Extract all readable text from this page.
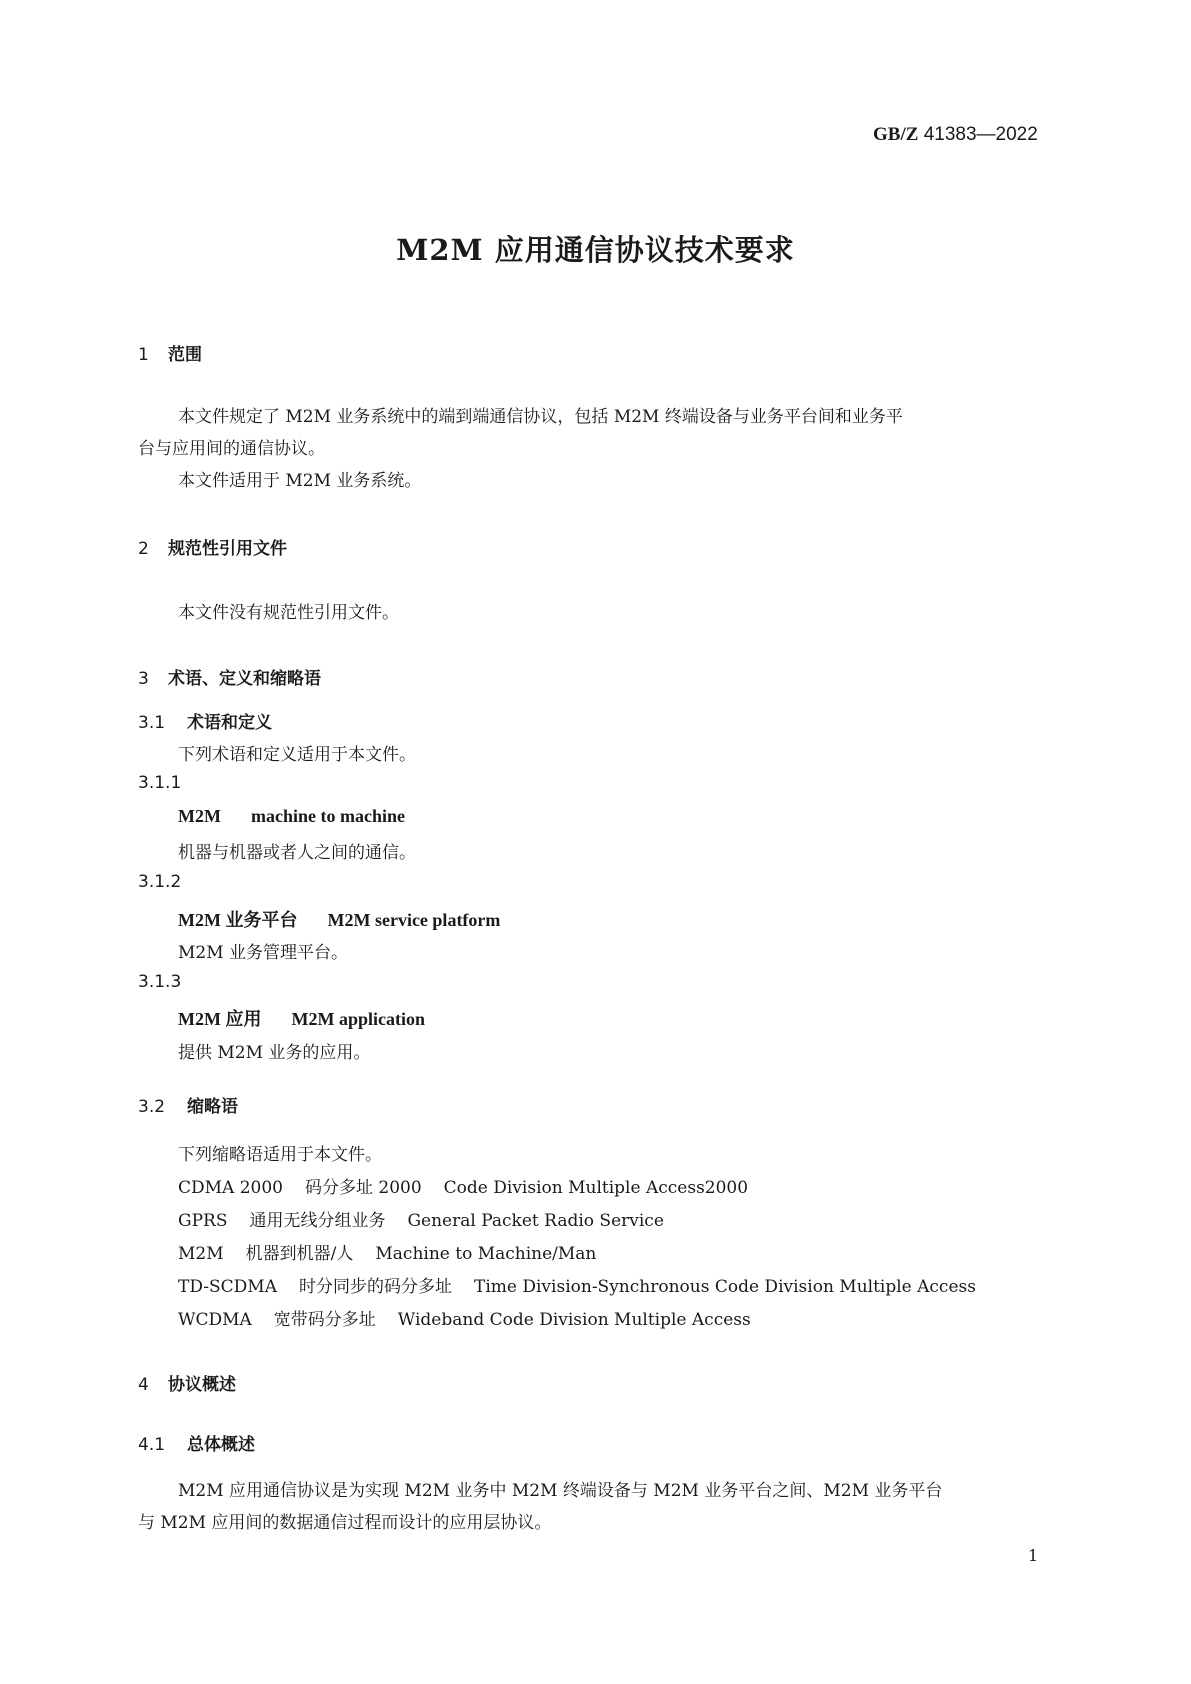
GB/Z 41383—2022
M2M 应用通信协议技术要求
1 范围
本文件规定了 M2M 业务系统中的端到端通信协议，包括 M2M 终端设备与业务平台间和业务平
台与应用间的通信协议。
本文件适用于 M2M 业务系统。
2 规范性引用文件
本文件没有规范性引用文件。
3 术语、定义和缩略语
3.1 术语和定义
下列术语和定义适用于本文件。
3.1.1
M2M machine to machine
机器与机器或者人之间的通信。
3.1.2
M2M 业务平台 M2M service platform
M2M 业务管理平台。
3.1.3
M2M 应用 M2M application
提供 M2M 业务的应用。
3.2 缩略语
下列缩略语适用于本文件。
CDMA 2000 码分多址 2000 Code Division Multiple Access2000
GPRS 通用无线分组业务 General Packet Radio Service
M2M 机器到机器/人 Machine to Machine/Man
TD-SCDMA 时分同步的码分多址 Time Division-Synchronous Code Division Multiple Access
WCDMA 宽带码分多址 Wideband Code Division Multiple Access
4 协议概述
4.1 总体概述
M2M 应用通信协议是为实现 M2M 业务中 M2M 终端设备与 M2M 业务平台之间、M2M 业务平台
与 M2M 应用间的数据通信过程而设计的应用层协议。
1
